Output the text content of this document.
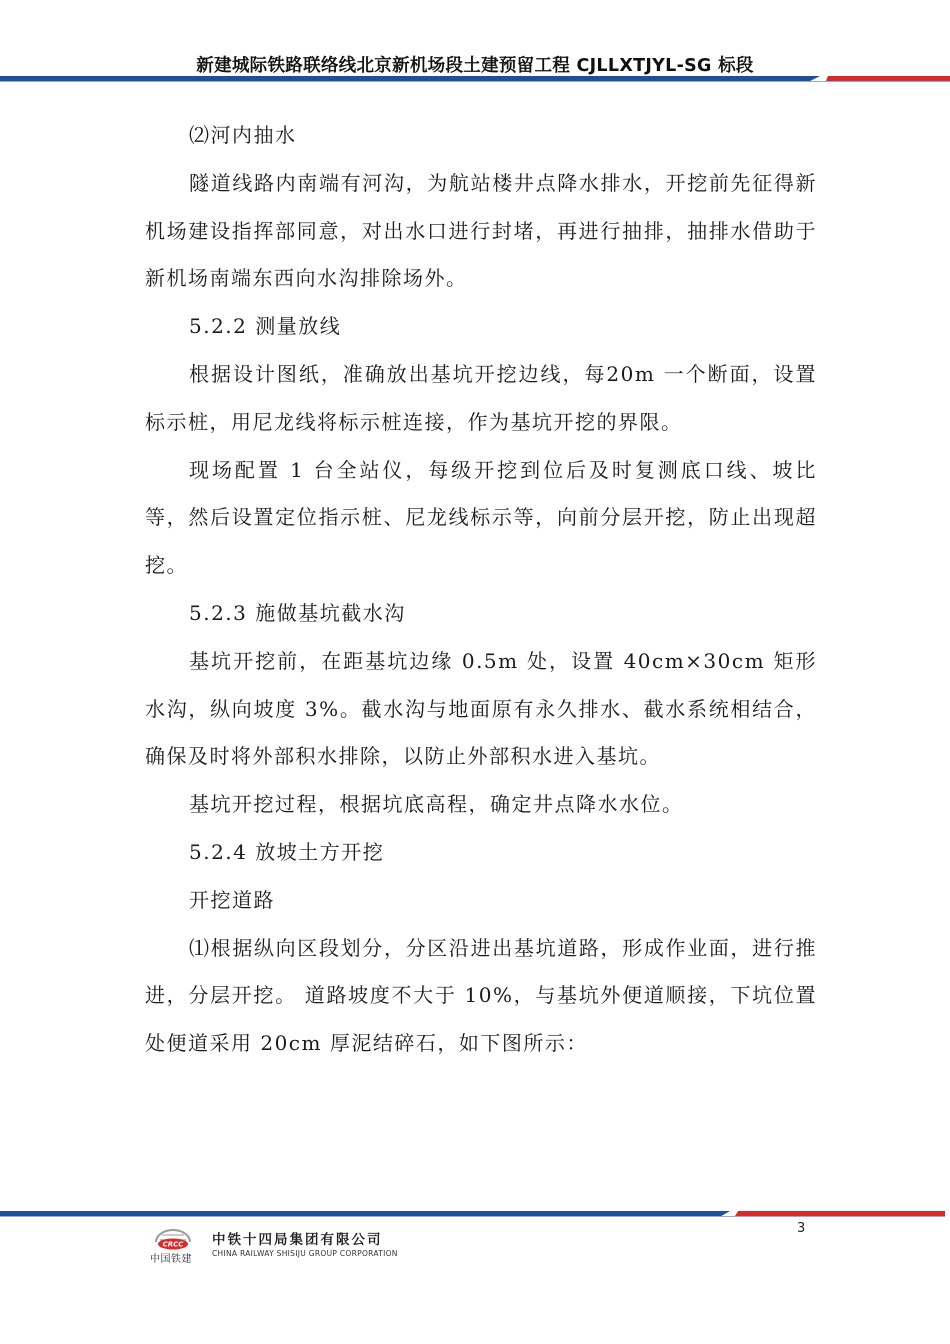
新建城际铁路联络线北京新机场段土建预留工程 CJLLXTJYL-SG 标段

⑵河内抽水

隧道线路内南端有河沟，为航站楼井点降水排水，开挖前先征得新机场建设指挥部同意，对出水口进行封堵，再进行抽排，抽排水借助于新机场南端东西向水沟排除场外。

5.2.2 测量放线

根据设计图纸，准确放出基坑开挖边线，每20m 一个断面，设置标示桩，用尼龙线将标示桩连接，作为基坑开挖的界限。

现场配置 1 台全站仪，每级开挖到位后及时复测底口线、坡比等，然后设置定位指示桩、尼龙线标示等，向前分层开挖，防止出现超挖。

5.2.3 施做基坑截水沟

基坑开挖前，在距基坑边缘 0.5m 处，设置 40cm×30cm 矩形水沟，纵向坡度 3%。截水沟与地面原有永久排水、截水系统相结合，确保及时将外部积水排除，以防止外部积水进入基坑。

基坑开挖过程，根据坑底高程，确定井点降水水位。

5.2.4 放坡土方开挖

开挖道路

⑴根据纵向区段划分，分区沿进出基坑道路，形成作业面，进行推进，分层开挖。 道路坡度不大于 10%，与基坑外便道顺接，下坑位置处便道采用 20cm 厚泥结碎石，如下图所示：

3
CRCC
中国铁建
中铁十四局集团有限公司
CHINA RAILWAY SHISIJU GROUP CORPORATION
